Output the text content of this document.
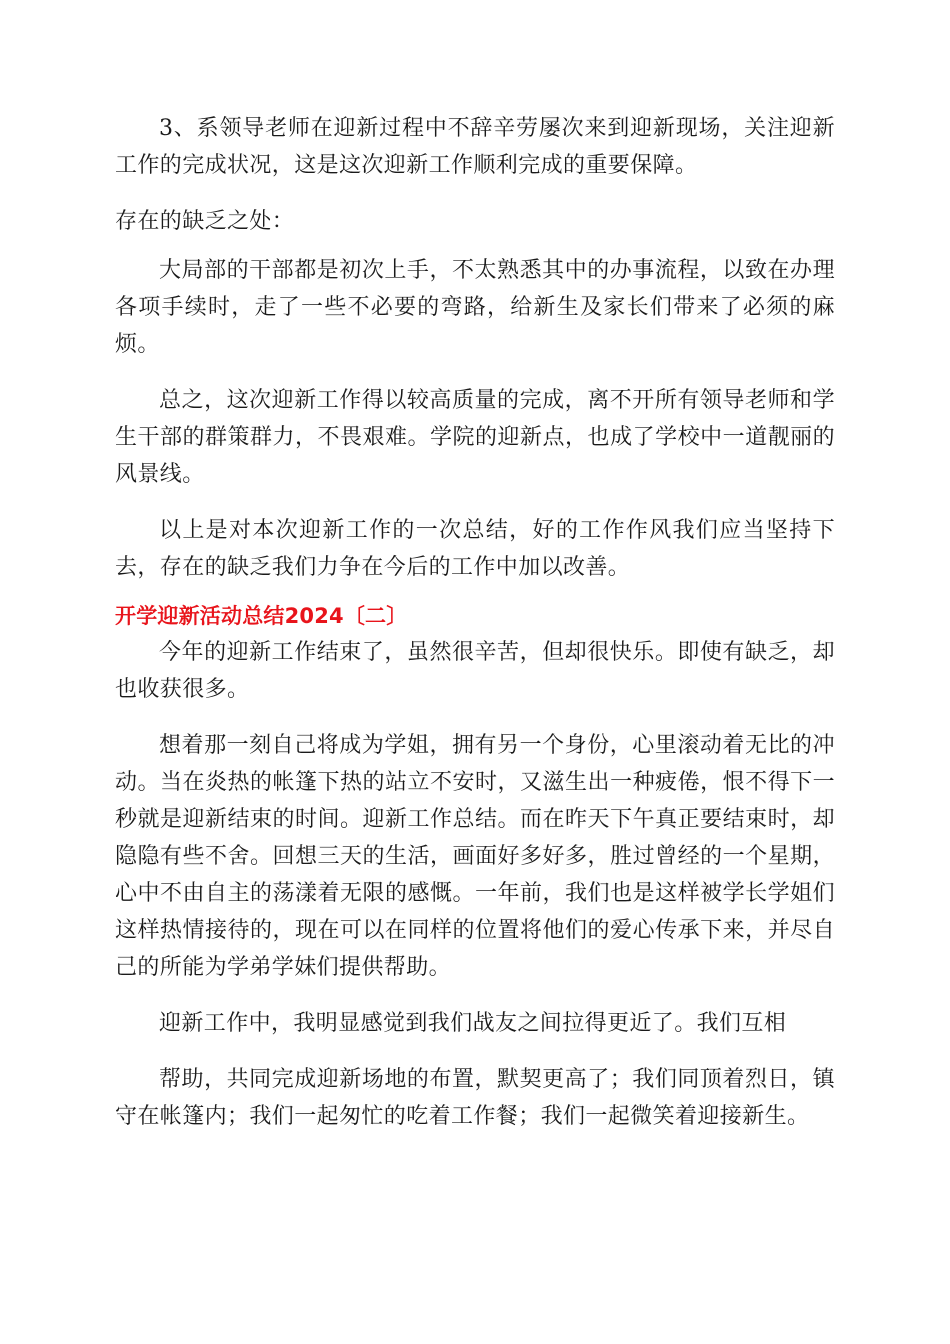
3、系领导老师在迎新过程中不辞辛劳屡次来到迎新现场，关注迎新工作的完成状况，这是这次迎新工作顺利完成的重要保障。

存在的缺乏之处：

大局部的干部都是初次上手，不太熟悉其中的办事流程，以致在办理各项手续时，走了一些不必要的弯路，给新生及家长们带来了必须的麻烦。

总之，这次迎新工作得以较高质量的完成，离不开所有领导老师和学生干部的群策群力，不畏艰难。学院的迎新点，也成了学校中一道靓丽的风景线。

以上是对本次迎新工作的一次总结，好的工作作风我们应当坚持下去，存在的缺乏我们力争在今后的工作中加以改善。

开学迎新活动总结2024〔二〕

今年的迎新工作结束了，虽然很辛苦，但却很快乐。即使有缺乏，却也收获很多。

想着那一刻自己将成为学姐，拥有另一个身份，心里滚动着无比的冲动。当在炎热的帐篷下热的站立不安时，又滋生出一种疲倦，恨不得下一秒就是迎新结束的时间。迎新工作总结。而在昨天下午真正要结束时，却隐隐有些不舍。回想三天的生活，画面好多好多，胜过曾经的一个星期，心中不由自主的荡漾着无限的感慨。一年前，我们也是这样被学长学姐们这样热情接待的，现在可以在同样的位置将他们的爱心传承下来，并尽自己的所能为学弟学妹们提供帮助。

迎新工作中，我明显感觉到我们战友之间拉得更近了。我们互相

帮助，共同完成迎新场地的布置，默契更高了；我们同顶着烈日，镇守在帐篷内；我们一起匆忙的吃着工作餐；我们一起微笑着迎接新生。
